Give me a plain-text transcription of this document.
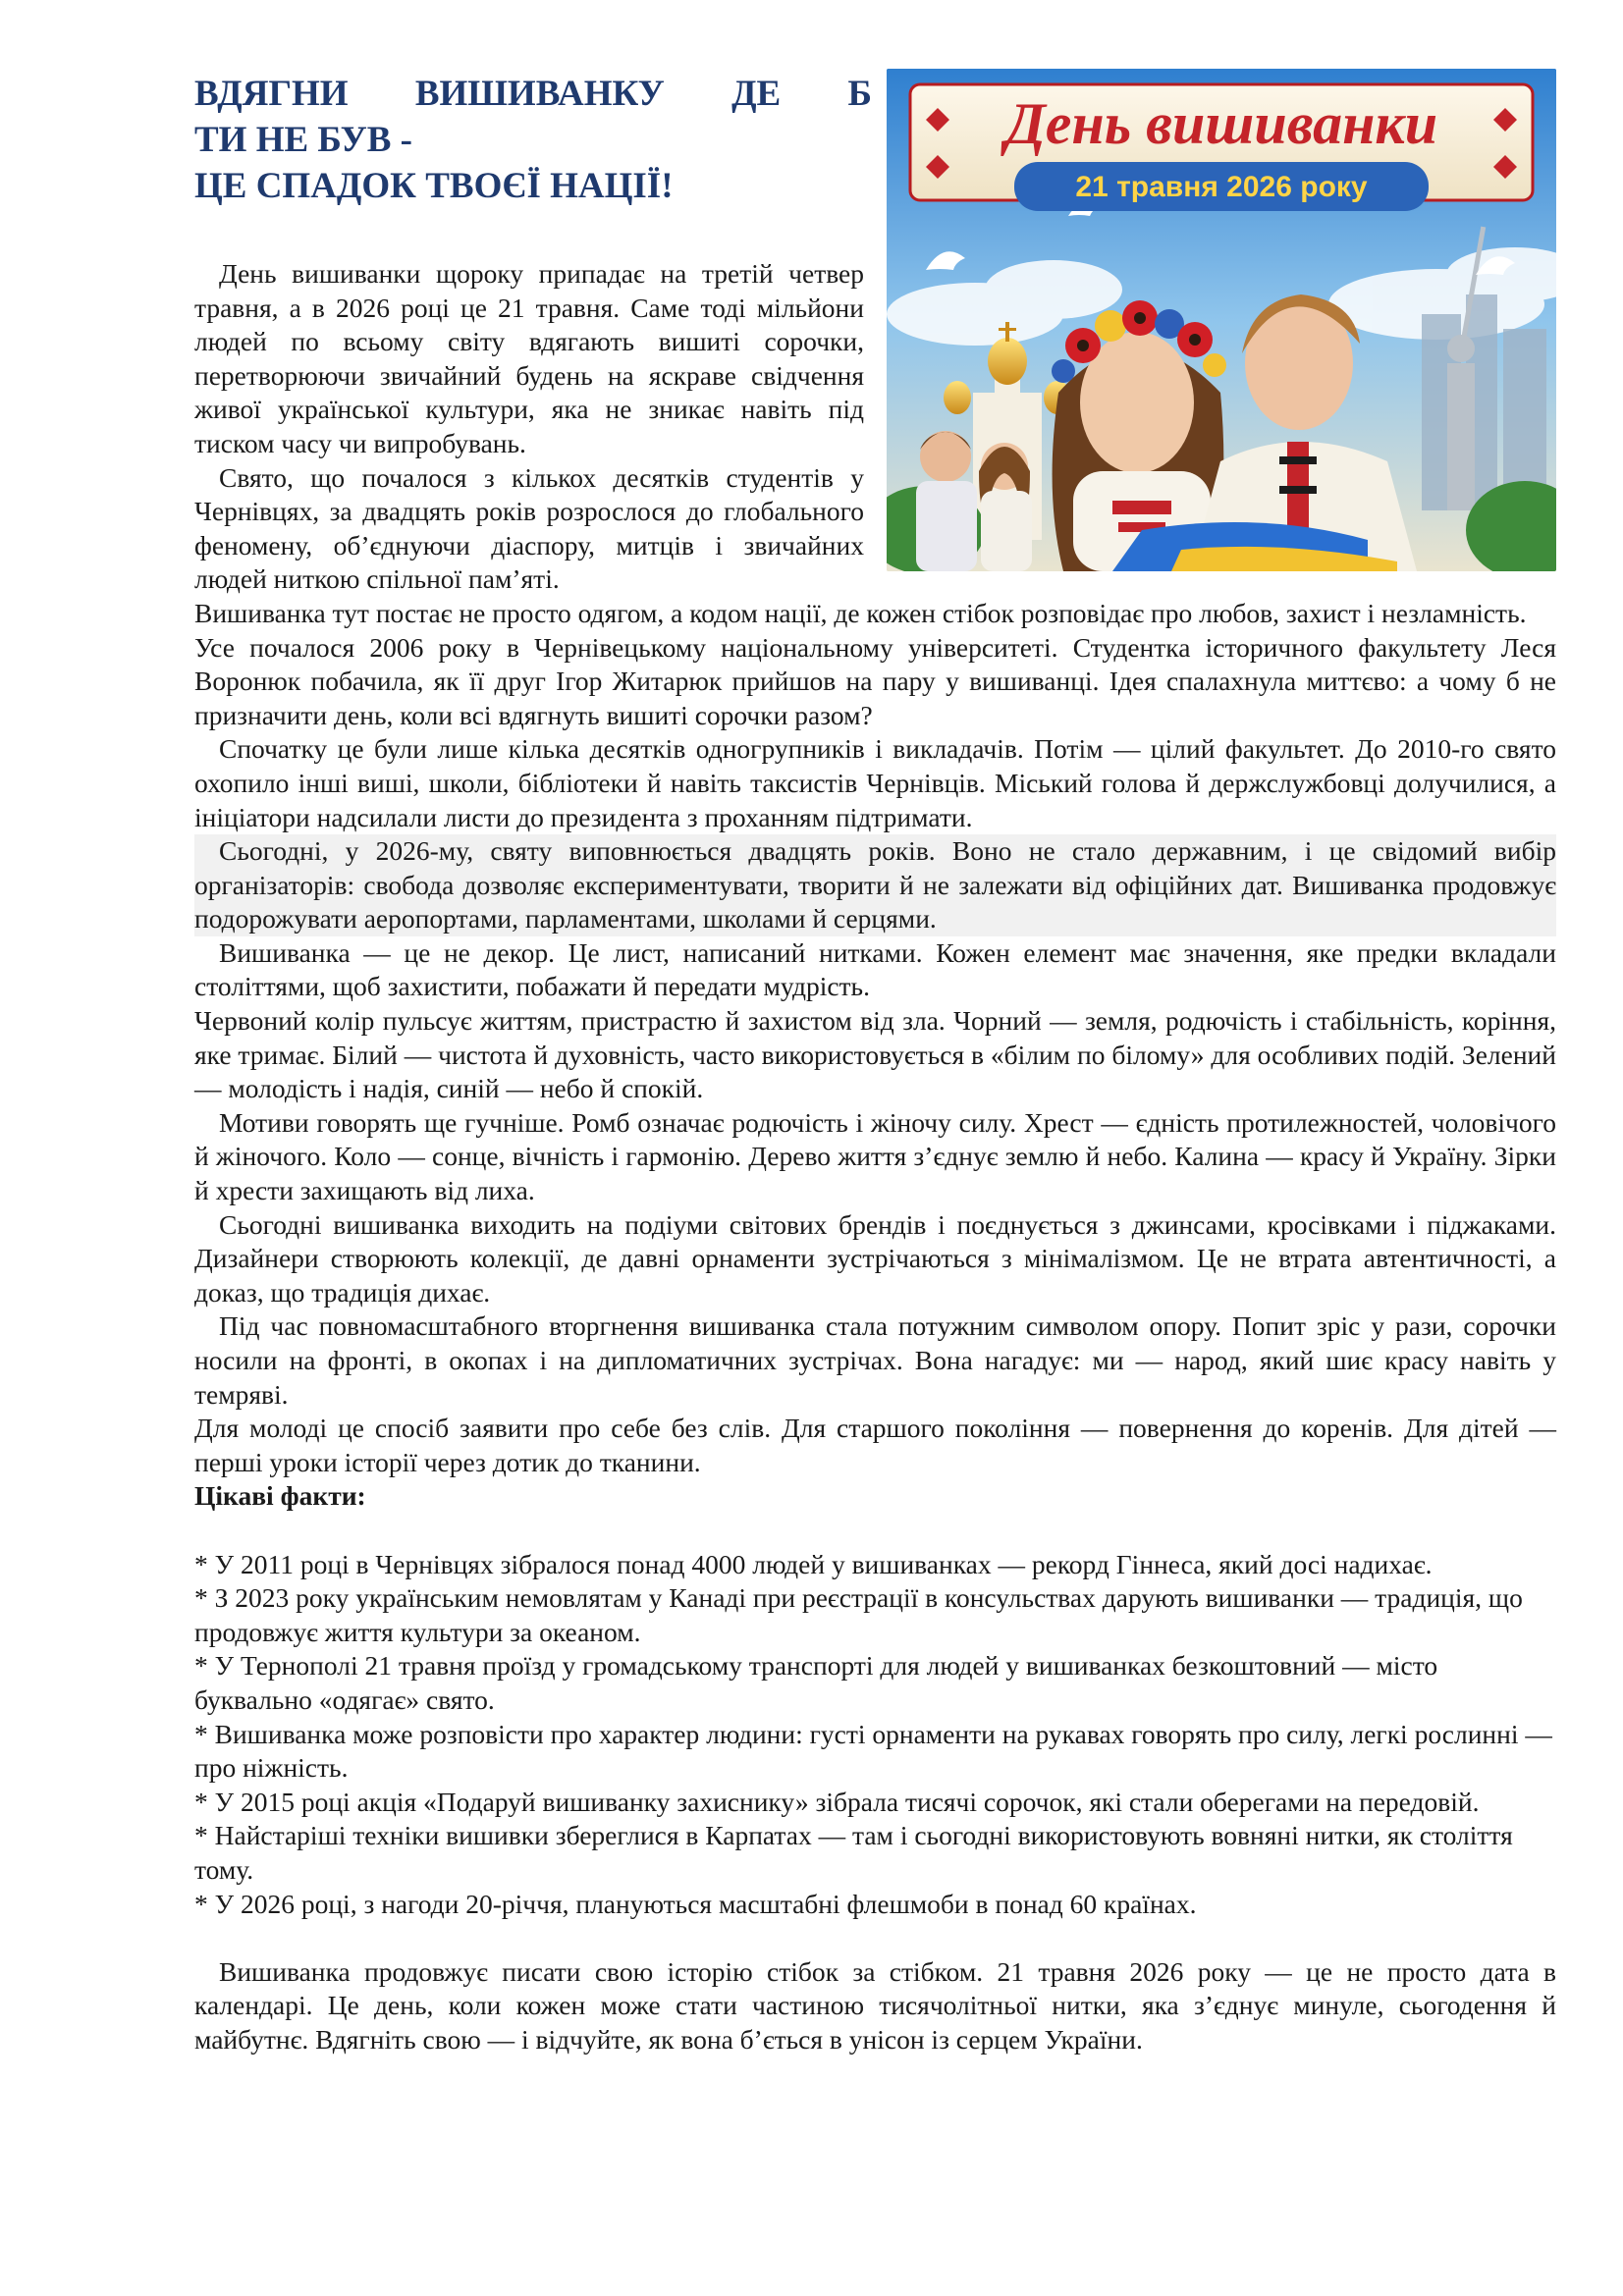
ВДЯГНИ ВИШИВАНКУ ДЕ Б
ТИ НЕ БУВ -
ЦЕ СПАДОК ТВОЄЇ НАЦІЇ!
День вишиванки
21 травня 2026 року

День вишиванки щороку припадає на третій четвер травня, а в 2026 році це 21 травня. Саме тоді мільйони людей по всьому світу вдягають вишиті сорочки, перетворюючи звичайний будень на яскраве свідчення живої української культури, яка не зникає навіть під тиском часу чи випробувань.

Свято, що почалося з кількох десятків студентів у Чернівцях, за двадцять років розрослося до глобального феномену, об’єднуючи діаспору, митців і звичайних людей ниткою спільної пам’яті.

Вишиванка тут постає не просто одягом, а кодом нації, де кожен стібок розповідає про любов, захист і незламність.

Усе почалося 2006 року в Чернівецькому національному університеті. Студентка історичного факультету Леся Воронюк побачила, як її друг Ігор Житарюк прийшов на пару у вишиванці. Ідея спалахнула миттєво: а чому б не призначити день, коли всі вдягнуть вишиті сорочки разом?

Спочатку це були лише кілька десятків одногрупників і викладачів. Потім — цілий факультет. До 2010-го свято охопило інші виші, школи, бібліотеки й навіть таксистів Чернівців. Міський голова й держслужбовці долучилися, а ініціатори надсилали листи до президента з проханням підтримати.

Сьогодні, у 2026-му, святу виповнюється двадцять років. Воно не стало державним, і це свідомий вибір організаторів: свобода дозволяє експериментувати, творити й не залежати від офіційних дат. Вишиванка продовжує подорожувати аеропортами, парламентами, школами й серцями.

Вишиванка — це не декор. Це лист, написаний нитками. Кожен елемент має значення, яке предки вкладали століттями, щоб захистити, побажати й передати мудрість.

Червоний колір пульсує життям, пристрастю й захистом від зла. Чорний — земля, родючість і стабільність, коріння, яке тримає. Білий — чистота й духовність, часто використовується в «білим по білому» для особливих подій. Зелений — молодість і надія, синій — небо й спокій.

Мотиви говорять ще гучніше. Ромб означає родючість і жіночу силу. Хрест — єдність протилежностей, чоловічого й жіночого. Коло — сонце, вічність і гармонію. Дерево життя з’єднує землю й небо. Калина — красу й Україну. Зірки й хрести захищають від лиха.

Сьогодні вишиванка виходить на подіуми світових брендів і поєднується з джинсами, кросівками і піджаками. Дизайнери створюють колекції, де давні орнаменти зустрічаються з мінімалізмом. Це не втрата автентичності, а доказ, що традиція дихає.

Під час повномасштабного вторгнення вишиванка стала потужним символом опору. Попит зріс у рази, сорочки носили на фронті, в окопах і на дипломатичних зустрічах. Вона нагадує: ми — народ, який шиє красу навіть у темряві.

Для молоді це спосіб заявити про себе без слів. Для старшого покоління — повернення до коренів. Для дітей — перші уроки історії через дотик до тканини.

Цікаві факти:

* У 2011 році в Чернівцях зібралося понад 4000 людей у вишиванках — рекорд Гіннеса, який досі надихає.

* З 2023 року українським немовлятам у Канаді при реєстрації в консульствах дарують вишиванки — традиція, що продовжує життя культури за океаном.

* У Тернополі 21 травня проїзд у громадському транспорті для людей у вишиванках безкоштовний — місто буквально «одягає» свято.

* Вишиванка може розповісти про характер людини: густі орнаменти на рукавах говорять про силу, легкі рослинні — про ніжність.

* У 2015 році акція «Подаруй вишиванку захиснику» зібрала тисячі сорочок, які стали оберегами на передовій.

* Найстаріші техніки вишивки збереглися в Карпатах — там і сьогодні використовують вовняні нитки, як століття тому.

* У 2026 році, з нагоди 20-річчя, плануються масштабні флешмоби в понад 60 країнах.

Вишиванка продовжує писати свою історію стібок за стібком. 21 травня 2026 року — це не просто дата в календарі. Це день, коли кожен може стати частиною тисячолітньої нитки, яка з’єднує минуле, сьогодення й майбутнє. Вдягніть свою — і відчуйте, як вона б’ється в унісон із серцем України.
